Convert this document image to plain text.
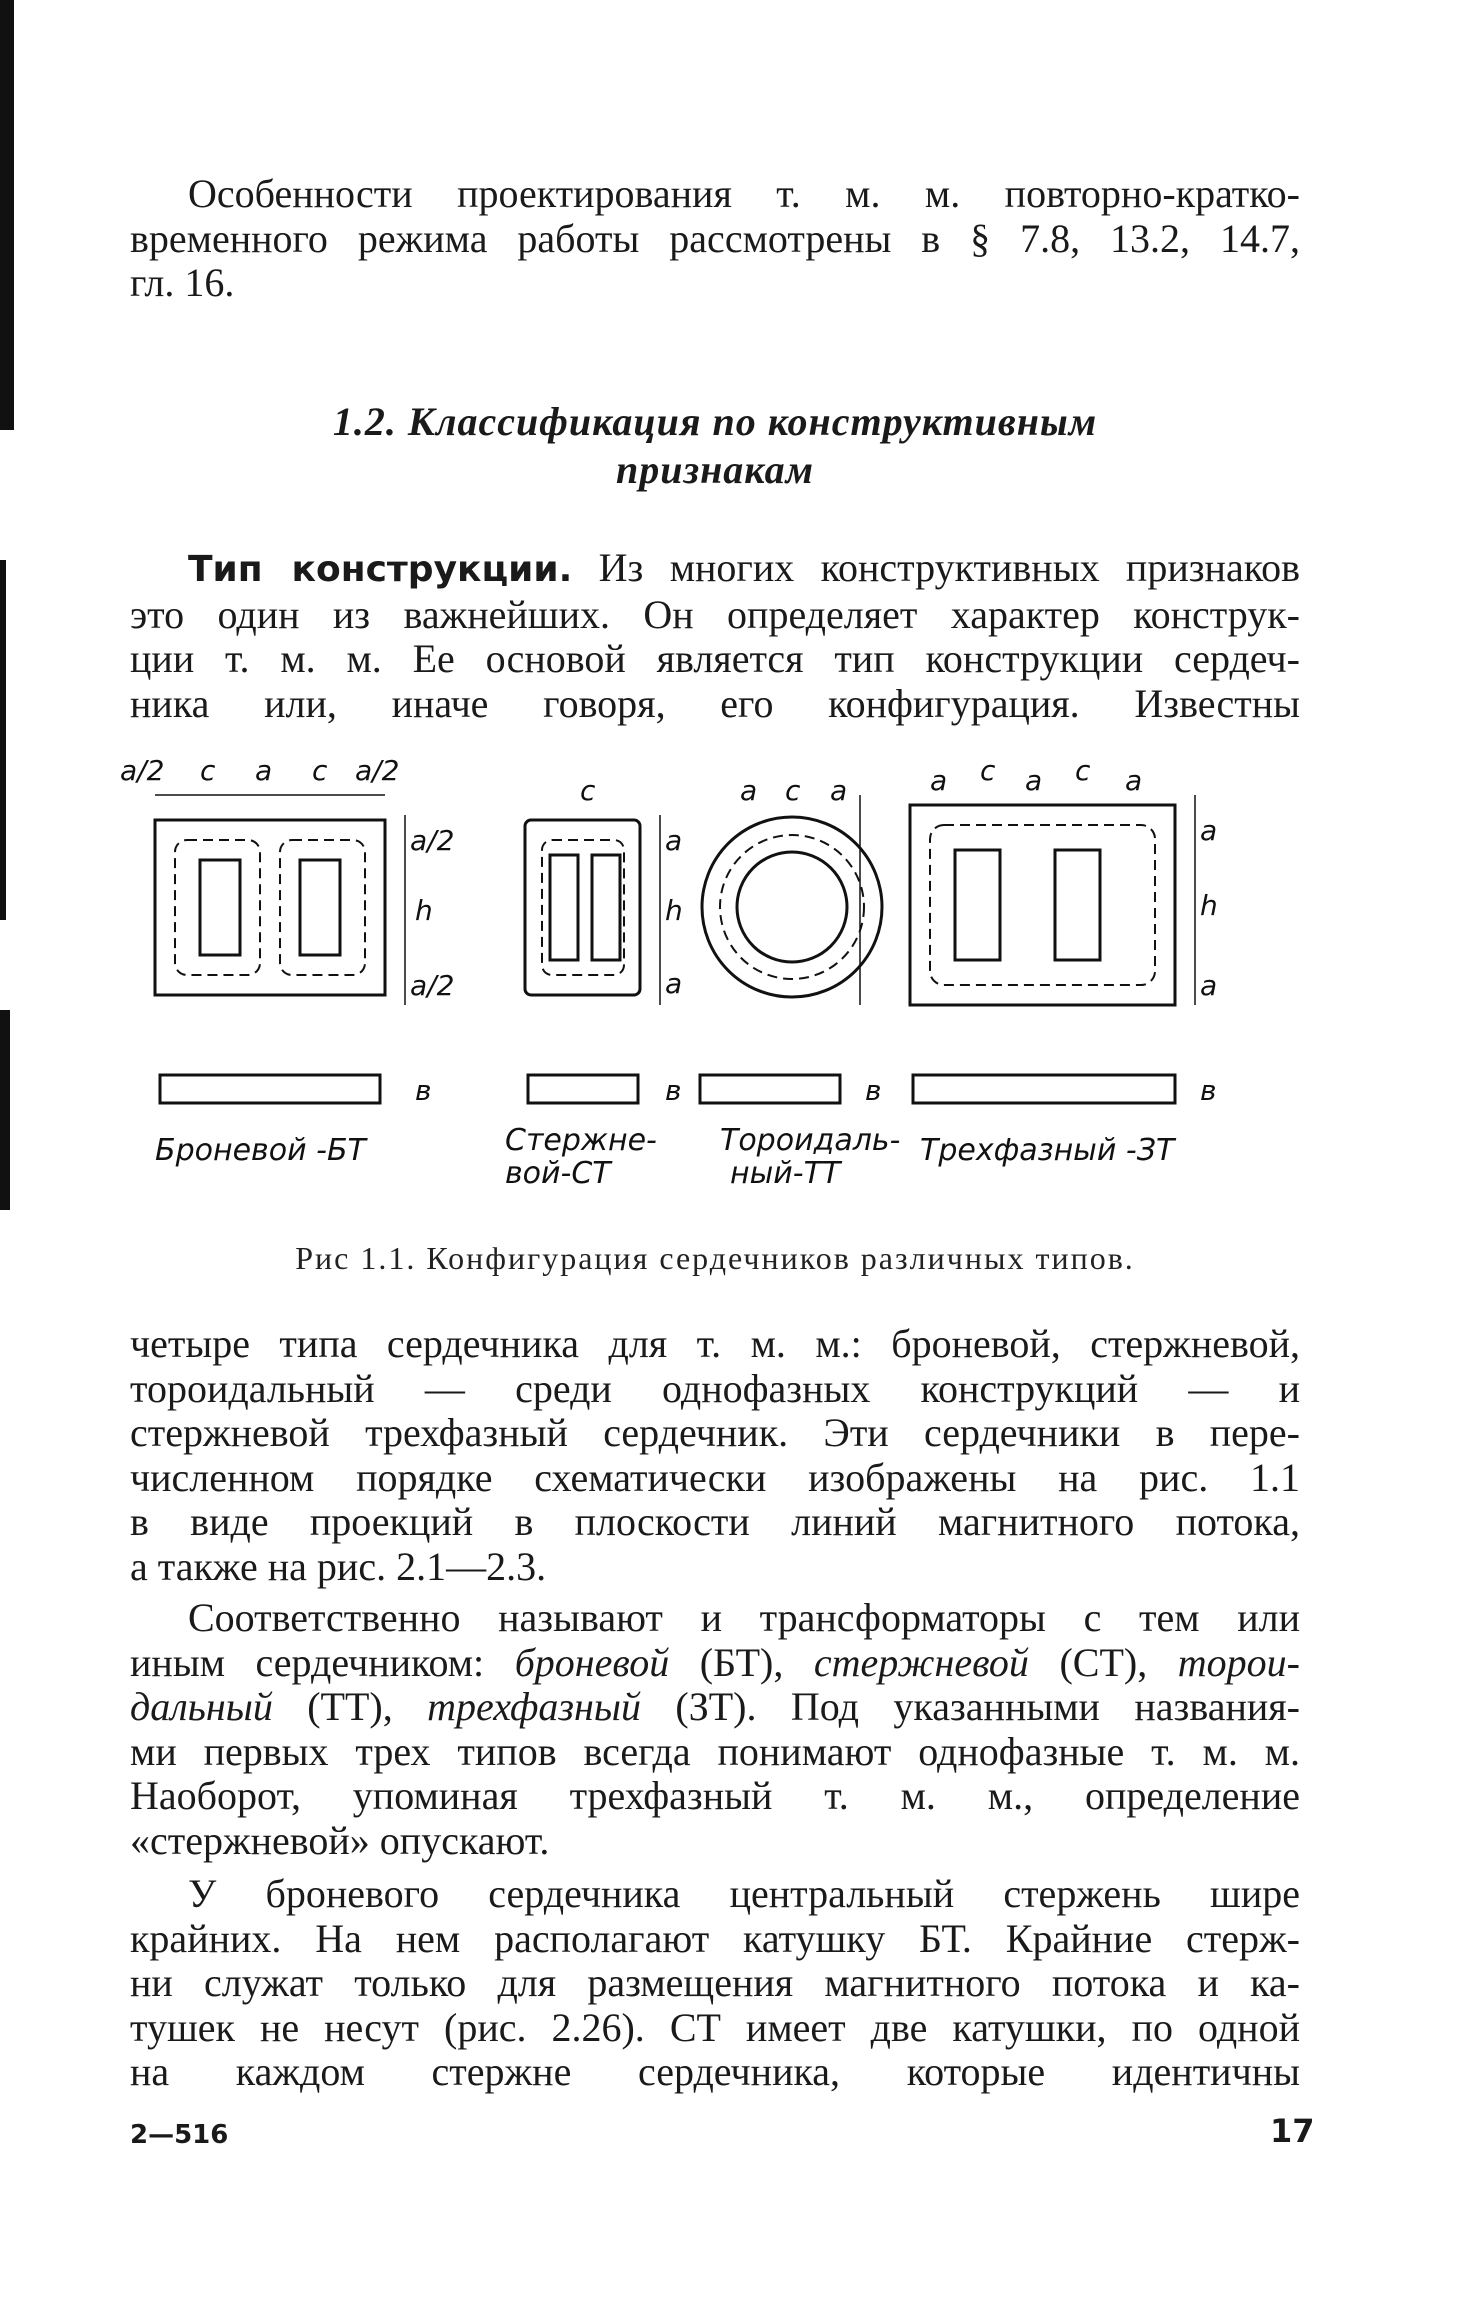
Особенности проектирования т. м. м. повторно-кратко-
временного режима работы рассмотрены в § 7.8, 13.2, 14.7,
гл. 16.
1.2. Классификация по конструктивным
признакам
Тип конструкции. Из многих конструктивных признаков
это один из важнейших. Он определяет характер конструк-
ции т. м. м. Ее основой является тип конструкции сердеч-
ника или, иначе говоря, его конфигурация. Известны
a/2 c a c a/2
a/2
h
a/2
в
c
a
h
a
в
a c a
в
a c a c a
a
h
a
в
Броневой -БТ	Стержне-
вой-СТ
Тороидаль-
ный-ТТ
Трехфазный -ЗТ
Рис 1.1. Конфигурация сердечников различных типов.
четыре типа сердечника для т. м. м.: броневой, стержневой,
тороидальный — среди однофазных конструкций — и
стержневой трехфазный сердечник. Эти сердечники в пере-
численном порядке схематически изображены на рис. 1.1
в виде проекций в плоскости линий магнитного потока,
а также на рис. 2.1—2.3.
Соответственно называют и трансформаторы с тем или
иным сердечником: броневой (БТ), стержневой (СТ), торои-
дальный (ТТ), трехфазный (ЗТ). Под указанными названия-
ми первых трех типов всегда понимают однофазные т. м. м.
Наоборот, упоминая трехфазный т. м. м., определение
«стержневой» опускают.
У броневого сердечника центральный стержень шире
крайних. На нем располагают катушку БТ. Крайние стерж-
ни служат только для размещения магнитного потока и ка-
тушек не несут (рис. 2.26). СТ имеет две катушки, по одной
на каждом стержне сердечника, которые идентичны
2—516	17
